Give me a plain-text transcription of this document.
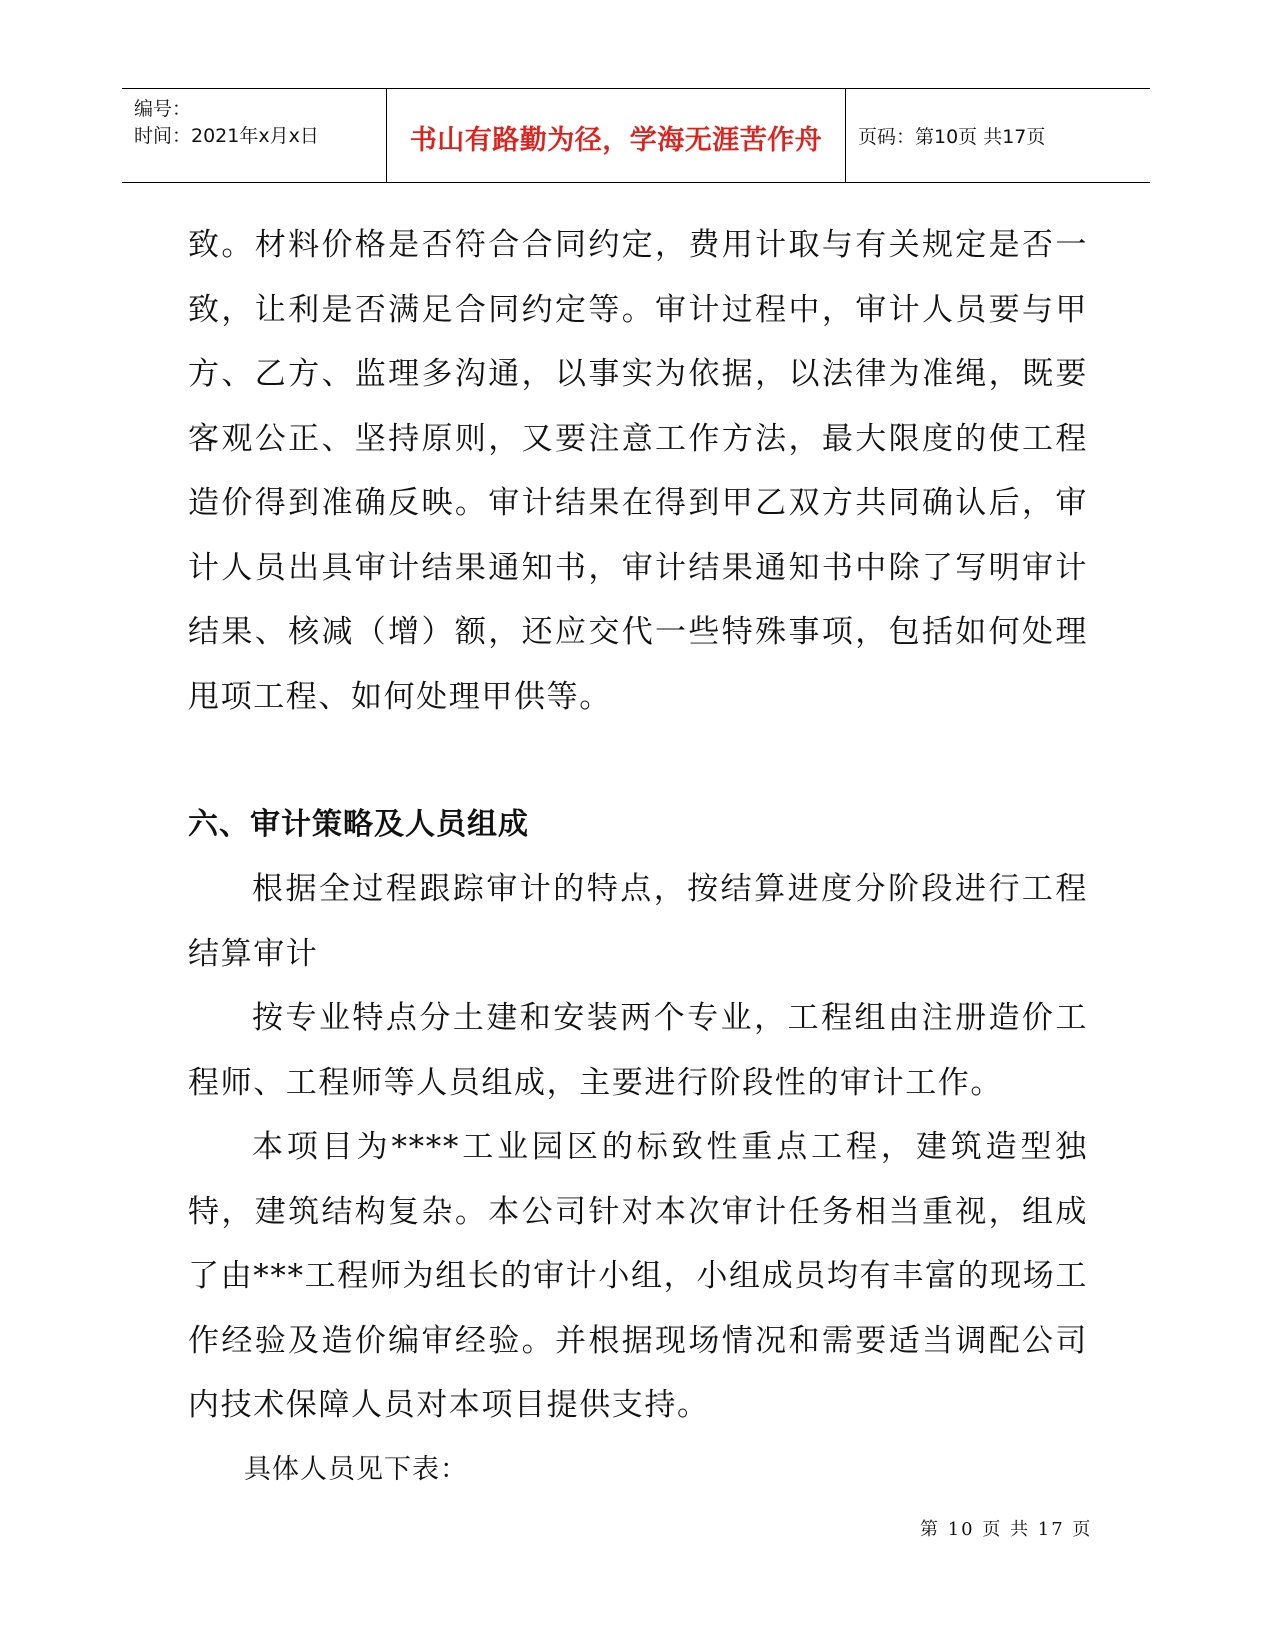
编号：
时间：2021年x月x日	书山有路勤为径，学海无涯苦作舟 页码：第10页 共17页

致。材料价格是否符合合同约定，费用计取与有关规定是否一致，让利是否满足合同约定等。审计过程中，审计人员要与甲方、乙方、监理多沟通，以事实为依据，以法律为准绳，既要客观公正、坚持原则，又要注意工作方法，最大限度的使工程造价得到准确反映。审计结果在得到甲乙双方共同确认后，审计人员出具审计结果通知书，审计结果通知书中除了写明审计结果、核减（增）额，还应交代一些特殊事项，包括如何处理甩项工程、如何处理甲供等。

六、审计策略及人员组成

根据全过程跟踪审计的特点，按结算进度分阶段进行工程结算审计

按专业特点分土建和安装两个专业，工程组由注册造价工程师、工程师等人员组成，主要进行阶段性的审计工作。

本项目为****工业园区的标致性重点工程，建筑造型独特，建筑结构复杂。本公司针对本次审计任务相当重视，组成了由***工程师为组长的审计小组，小组成员均有丰富的现场工作经验及造价编审经验。并根据现场情况和需要适当调配公司内技术保障人员对本项目提供支持。

具体人员见下表：

第 10 页 共 17 页
